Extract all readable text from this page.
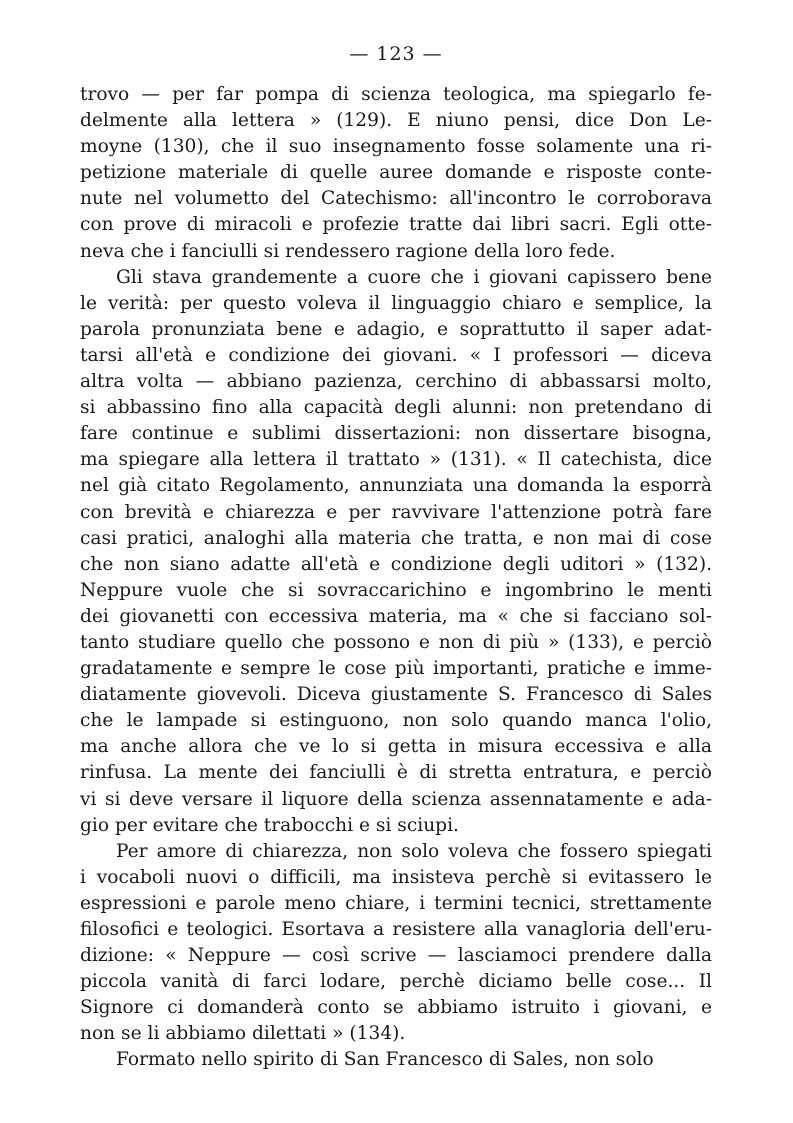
— 123 —
trovo — per far pompa di scienza teologica, ma spiegarlo fe-
delmente alla lettera » (129). E niuno pensi, dice Don Le-
moyne (130), che il suo insegnamento fosse solamente una ri-
petizione materiale di quelle auree domande e risposte conte-
nute nel volumetto del Catechismo: all'incontro le corroborava
con prove di miracoli e profezie tratte dai libri sacri. Egli otte-
neva che i fanciulli si rendessero ragione della loro fede.
Gli stava grandemente a cuore che i giovani capissero bene
le verità: per questo voleva il linguaggio chiaro e semplice, la
parola pronunziata bene e adagio, e soprattutto il saper adat-
tarsi all'età e condizione dei giovani. « I professori — diceva
altra volta — abbiano pazienza, cerchino di abbassarsi molto,
si abbassino fino alla capacità degli alunni: non pretendano di
fare continue e sublimi dissertazioni: non dissertare bisogna,
ma spiegare alla lettera il trattato » (131). « Il catechista, dice
nel già citato Regolamento, annunziata una domanda la esporrà
con brevità e chiarezza e per ravvivare l'attenzione potrà fare
casi pratici, analoghi alla materia che tratta, e non mai di cose
che non siano adatte all'età e condizione degli uditori » (132).
Neppure vuole che si sovraccarichino e ingombrino le menti
dei giovanetti con eccessiva materia, ma « che si facciano sol-
tanto studiare quello che possono e non di più » (133), e perciò
gradatamente e sempre le cose più importanti, pratiche e imme-
diatamente giovevoli. Diceva giustamente S. Francesco di Sales
che le lampade si estinguono, non solo quando manca l'olio,
ma anche allora che ve lo si getta in misura eccessiva e alla
rinfusa. La mente dei fanciulli è di stretta entratura, e perciò
vi si deve versare il liquore della scienza assennatamente e ada-
gio per evitare che trabocchi e si sciupi.
Per amore di chiarezza, non solo voleva che fossero spiegati
i vocaboli nuovi o difficili, ma insisteva perchè si evitassero le
espressioni e parole meno chiare, i termini tecnici, strettamente
filosofici e teologici. Esortava a resistere alla vanagloria dell'eru-
dizione: « Neppure — così scrive — lasciamoci prendere dalla
piccola vanità di farci lodare, perchè diciamo belle cose... Il
Signore ci domanderà conto se abbiamo istruito i giovani, e
non se li abbiamo dilettati » (134).
Formato nello spirito di San Francesco di Sales, non solo
